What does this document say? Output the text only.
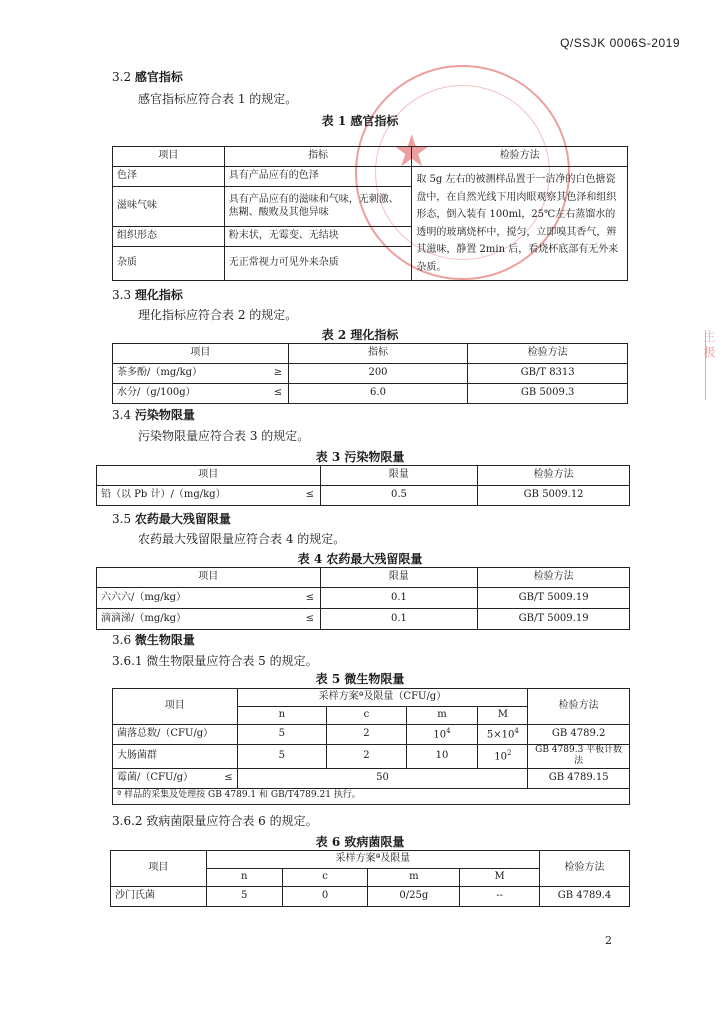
★
主 极
Q/SSJK 0006S-2019
3.2 感官指标
感官指标应符合表 1 的规定。
表 1 感官指标
项目	指标	检验方法
色泽	具有产品应有的色泽	取 5g 左右的被测样品置于一洁净的白色搪瓷盘中，在自然光线下用肉眼观察其色泽和组织形态，倒入装有 100ml，25℃左右蒸馏水的透明的玻璃烧杯中，搅匀，立即嗅其香气，辨其滋味，静置 2min 后，看烧杯底部有无外来杂质。
滋味气味	具有产品应有的滋味和气味，无刺激、焦糊、酸败及其他异味	
组织形态	粉末状，无霉变、无结块	
杂质	无正常视力可见外来杂质	
3.3 理化指标
理化指标应符合表 2 的规定。
表 2 理化指标
项目		指标	检验方法
茶多酚/（mg/kg）	≥	200	GB/T 8313
水分/（g/100g）	≤	6.0	GB 5009.3
3.4 污染物限量
污染物限量应符合表 3 的规定。
表 3 污染物限量
项目		限量	检验方法
铅（以 Pb 计）/（mg/kg）	≤	0.5	GB 5009.12
3.5 农药最大残留限量
农药最大残留限量应符合表 4 的规定。
表 4 农药最大残留限量
项目		限量	检验方法
六六六/（mg/kg）	≤	0.1	GB/T 5009.19
滴滴涕/（mg/kg）	≤	0.1	GB/T 5009.19
3.6 微生物限量
3.6.1 微生物限量应符合表 5 的规定。
表 5 微生物限量
项目		采样方案ª及限量（CFU/g）				检验方法
		n	c	m	M	
菌落总数/（CFU/g）		5	2	$10^4$	$5\times 10^4$	GB 4789.2
大肠菌群		5	2	10	$10^2$	GB 4789.3 平板计数法
霉菌/（CFU/g）	≤	50				GB 4789.15
ª 样品的采集及处理按 GB 4789.1 和 GB/T4789.21 执行。						
3.6.2 致病菌限量应符合表 6 的规定。
表 6 致病菌限量
项目	采样方案ª及限量				检验方法
	n	c	m	M	
沙门氏菌	5	0	0/25g	--	GB 4789.4
2
